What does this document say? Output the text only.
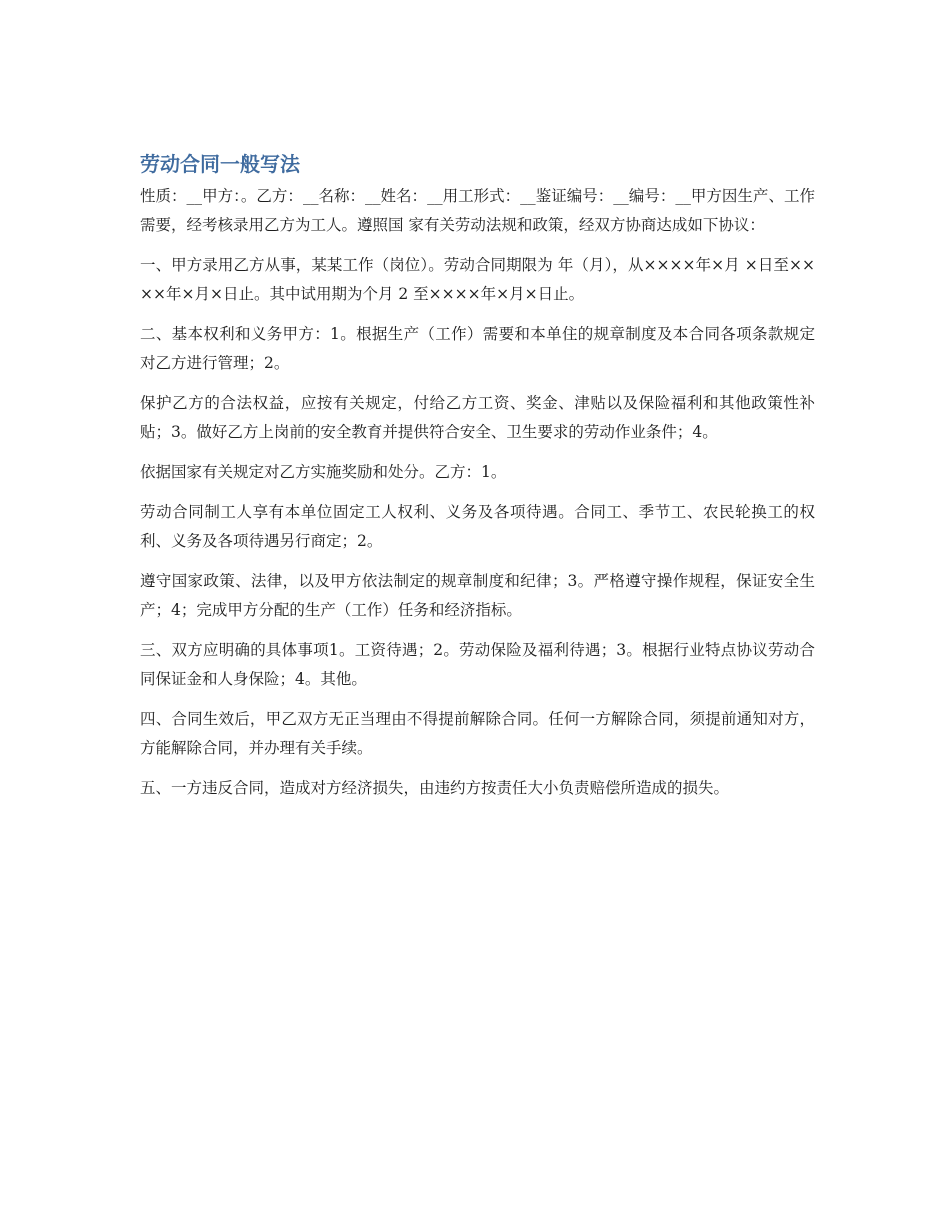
劳动合同一般写法

性质：__甲方：。乙方：__名称：__姓名：__用工形式：__鉴证编号：__编号：__甲方因生产、工作需要，经考核录用乙方为工人。遵照国 家有关劳动法规和政策，经双方协商达成如下协议：

一、甲方录用乙方从事，某某工作（岗位）。劳动合同期限为 年（月），从××××年×月 ×日至××××年×月×日止。其中试用期为个月 2 至××××年×月×日止。

二、基本权利和义务甲方：1。根据生产（工作）需要和本单住的规章制度及本合同各项条款规定对乙方进行管理；2。

保护乙方的合法权益，应按有关规定，付给乙方工资、奖金、津贴以及保险福利和其他政策性补贴；3。做好乙方上岗前的安全教育并提供符合安全、卫生要求的劳动作业条件；4。

依据国家有关规定对乙方实施奖励和处分。乙方：1。

劳动合同制工人享有本单位固定工人权利、义务及各项待遇。合同工、季节工、农民轮换工的权利、义务及各项待遇另行商定；2。

遵守国家政策、法律，以及甲方依法制定的规章制度和纪律；3。严格遵守操作规程，保证安全生产；4；完成甲方分配的生产（工作）任务和经济指标。

三、双方应明确的具体事项1。工资待遇；2。劳动保险及福利待遇；3。根据行业特点协议劳动合同保证金和人身保险；4。其他。

四、合同生效后，甲乙双方无正当理由不得提前解除合同。任何一方解除合同，须提前通知对方，方能解除合同，并办理有关手续。

五、一方违反合同，造成对方经济损失，由违约方按责任大小负责赔偿所造成的损失。
